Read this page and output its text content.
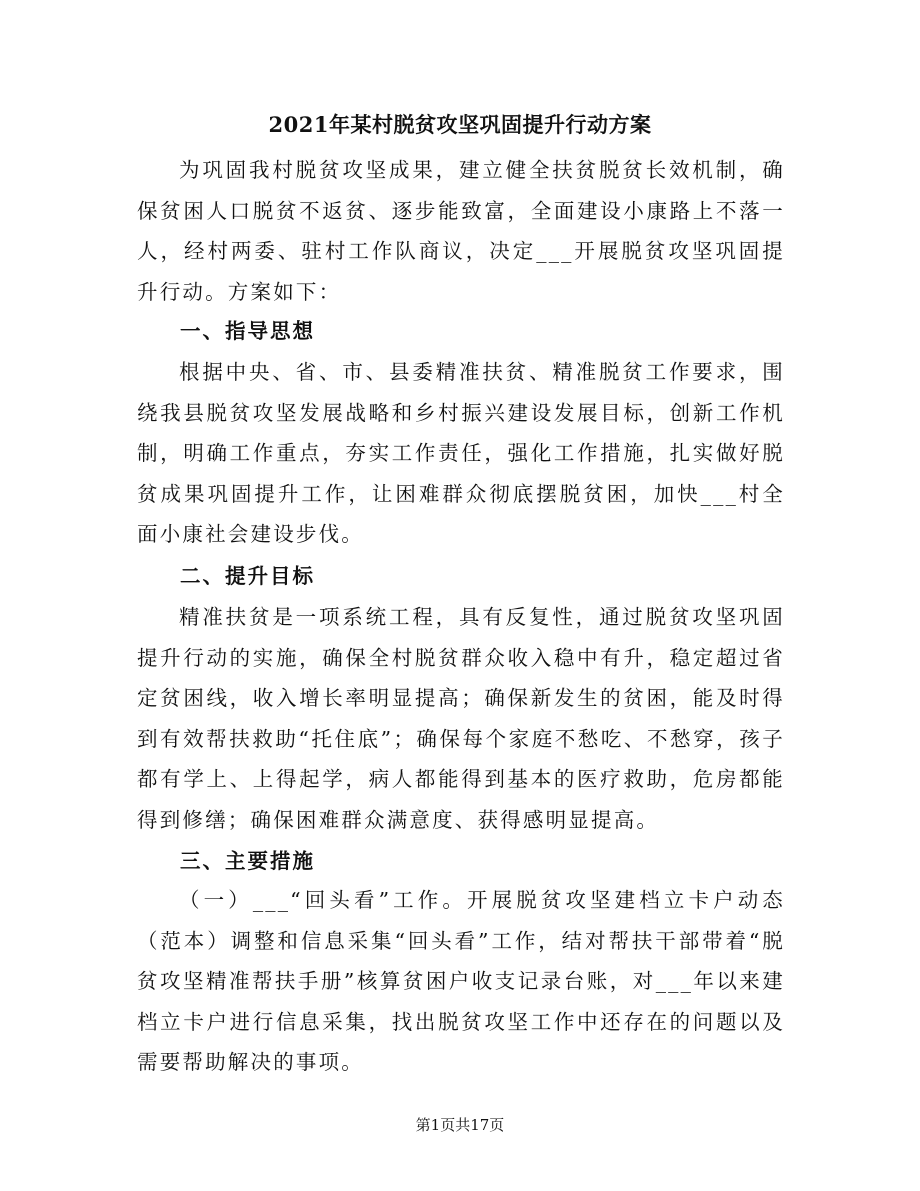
2021年某村脱贫攻坚巩固提升行动方案

为巩固我村脱贫攻坚成果，建立健全扶贫脱贫长效机制，确保贫困人口脱贫不返贫、逐步能致富，全面建设小康路上不落一人，经村两委、驻村工作队商议，决定___开展脱贫攻坚巩固提升行动。方案如下：

一、指导思想

根据中央、省、市、县委精准扶贫、精准脱贫工作要求，围绕我县脱贫攻坚发展战略和乡村振兴建设发展目标，创新工作机制，明确工作重点，夯实工作责任，强化工作措施，扎实做好脱贫成果巩固提升工作，让困难群众彻底摆脱贫困，加快___村全面小康社会建设步伐。

二、提升目标

精准扶贫是一项系统工程，具有反复性，通过脱贫攻坚巩固提升行动的实施，确保全村脱贫群众收入稳中有升，稳定超过省定贫困线，收入增长率明显提高；确保新发生的贫困，能及时得到有效帮扶救助“托住底”；确保每个家庭不愁吃、不愁穿，孩子都有学上、上得起学，病人都能得到基本的医疗救助，危房都能得到修缮；确保困难群众满意度、获得感明显提高。

三、主要措施

（一）___“回头看”工作。开展脱贫攻坚建档立卡户动态（范本）调整和信息采集“回头看”工作，结对帮扶干部带着“脱贫攻坚精准帮扶手册”核算贫困户收支记录台账，对___年以来建档立卡户进行信息采集，找出脱贫攻坚工作中还存在的问题以及需要帮助解决的事项。

第1页共17页
